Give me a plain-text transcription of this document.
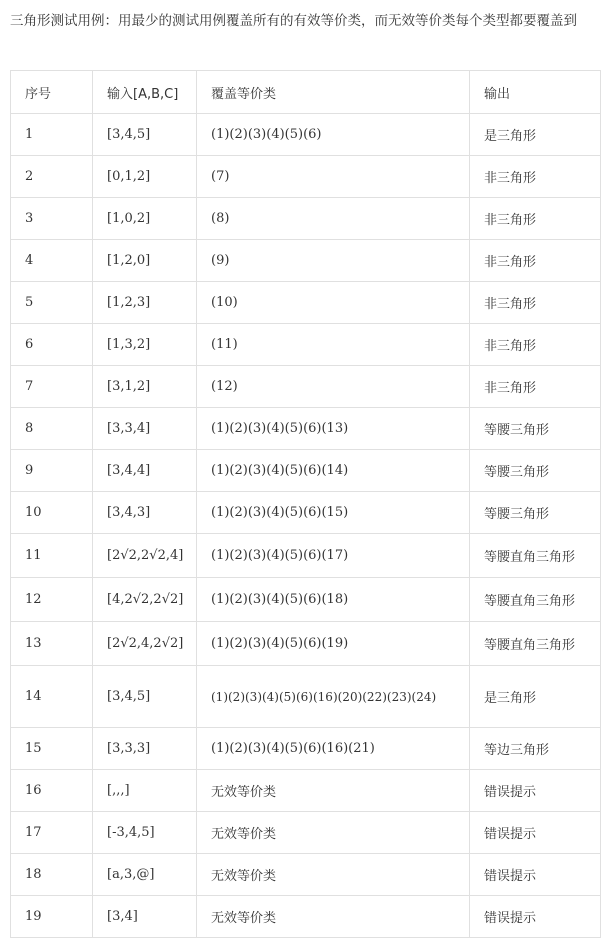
三角形测试用例：用最少的测试用例覆盖所有的有效等价类，而无效等价类每个类型都要覆盖到
序号	输入[A,B,C]	覆盖等价类	输出
1	[3,4,5]	(1)(2)(3)(4)(5)(6)	是三角形
2	[0,1,2]	(7)	非三角形
3	[1,0,2]	(8)	非三角形
4	[1,2,0]	(9)	非三角形
5	[1,2,3]	(10)	非三角形
6	[1,3,2]	(11)	非三角形
7	[3,1,2]	(12)	非三角形
8	[3,3,4]	(1)(2)(3)(4)(5)(6)(13)	等腰三角形
9	[3,4,4]	(1)(2)(3)(4)(5)(6)(14)	等腰三角形
10	[3,4,3]	(1)(2)(3)(4)(5)(6)(15)	等腰三角形
11	[2√2,2√2,4]	(1)(2)(3)(4)(5)(6)(17)	等腰直角三角形
12	[4,2√2,2√2]	(1)(2)(3)(4)(5)(6)(18)	等腰直角三角形
13	[2√2,4,2√2]	(1)(2)(3)(4)(5)(6)(19)	等腰直角三角形
14	[3,4,5]	(1)(2)(3)(4)(5)(6)(16)(20)(22)(23)(24)	是三角形
15	[3,3,3]	(1)(2)(3)(4)(5)(6)(16)(21)	等边三角形
16	[,,,]	无效等价类	错误提示
17	[-3,4,5]	无效等价类	错误提示
18	[a,3,@]	无效等价类	错误提示
19	[3,4]	无效等价类	错误提示
